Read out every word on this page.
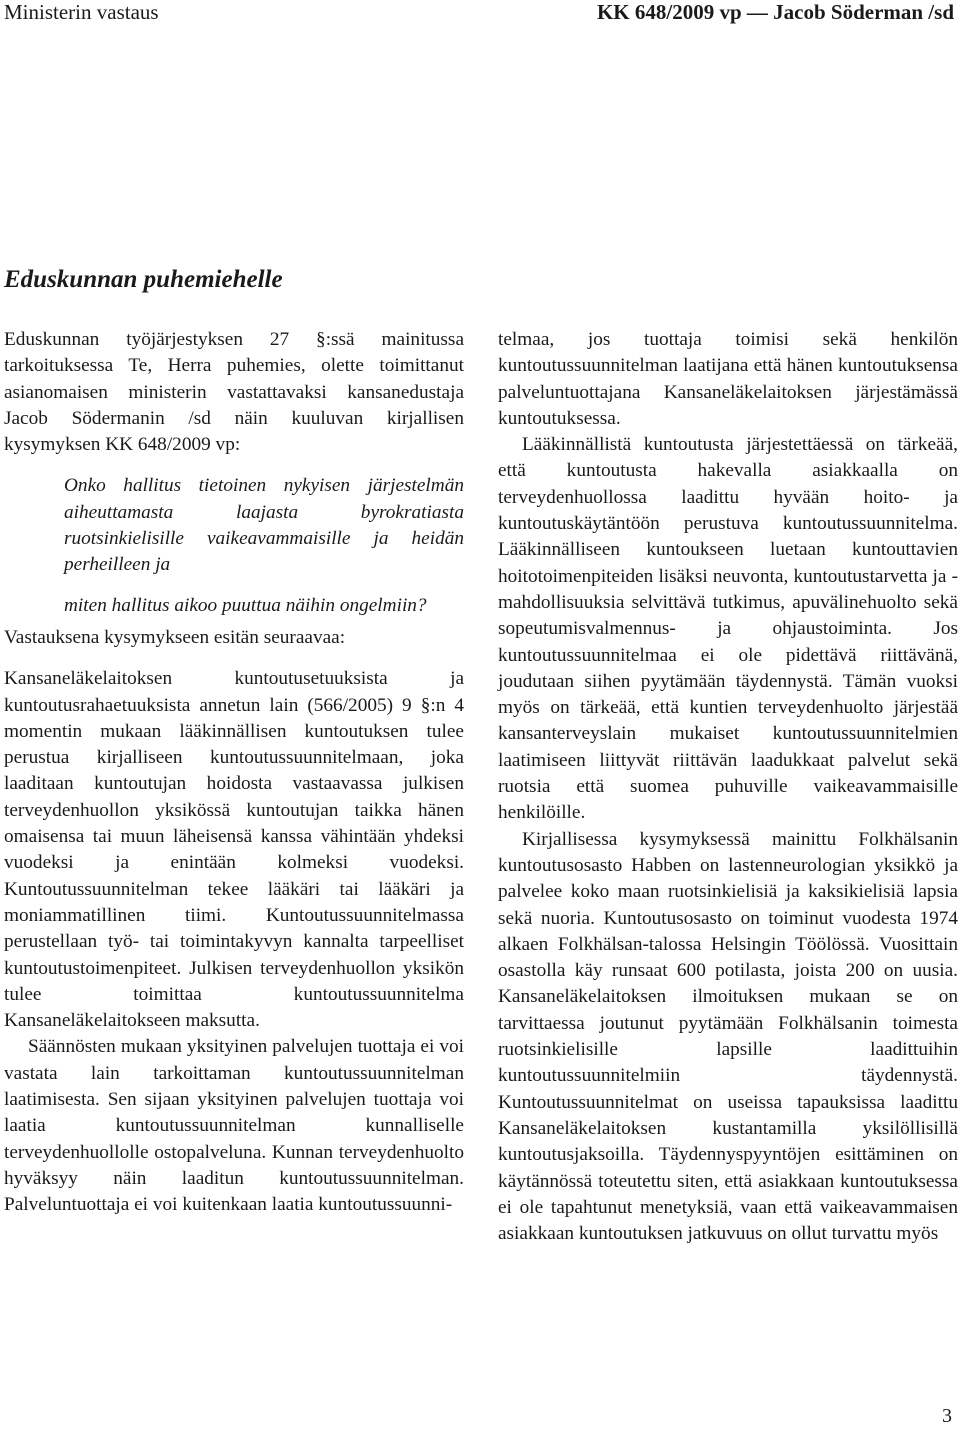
Ministerin vastaus	KK 648/2009 vp — Jacob Söderman /sd
Eduskunnan puhemiehelle

Eduskunnan työjärjestyksen 27 §:ssä mainitussa tarkoituksessa Te, Herra puhemies, olette toimittanut asianomaisen ministerin vastattavaksi kansanedustaja Jacob Södermanin /sd näin kuuluvan kirjallisen kysymyksen KK 648/2009 vp:

Onko hallitus tietoinen nykyisen järjestelmän aiheuttamasta laajasta byrokratiasta ruotsinkielisille vaikeavammaisille ja heidän perheilleen ja

miten hallitus aikoo puuttua näihin ongelmiin?

Vastauksena kysymykseen esitän seuraavaa:

Kansaneläkelaitoksen kuntoutusetuuksista ja kuntoutusrahaetuuksista annetun lain (566/2005) 9 §:n 4 momentin mukaan lääkinnällisen kuntoutuksen tulee perustua kirjalliseen kuntoutussuunnitelmaan, joka laaditaan kuntoutujan hoidosta vastaavassa julkisen terveydenhuollon yksikössä kuntoutujan taikka hänen omaisensa tai muun läheisensä kanssa vähintään yhdeksi vuodeksi ja enintään kolmeksi vuodeksi. Kuntoutussuunnitelman tekee lääkäri tai lääkäri ja moniammatillinen tiimi. Kuntoutussuunnitelmassa perustellaan työ- tai toimintakyvyn kannalta tarpeelliset kuntoutustoimenpiteet. Julkisen terveydenhuollon yksikön tulee toimittaa kuntoutussuunnitelma Kansaneläkelaitokseen maksutta.

Säännösten mukaan yksityinen palvelujen tuottaja ei voi vastata lain tarkoittaman kuntoutussuunnitelman laatimisesta. Sen sijaan yksityinen palvelujen tuottaja voi laatia kuntoutussuunnitelman kunnalliselle terveydenhuollolle ostopalveluna. Kunnan terveydenhuolto hyväksyy näin laaditun kuntoutussuunnitelman. Palveluntuottaja ei voi kuitenkaan laatia kuntoutussuunni-

telmaa, jos tuottaja toimisi sekä henkilön kuntoutussuunnitelman laatijana että hänen kuntoutuksensa palveluntuottajana Kansaneläkelaitoksen järjestämässä kuntoutuksessa.

Lääkinnällistä kuntoutusta järjestettäessä on tärkeää, että kuntoutusta hakevalla asiakkaalla on terveydenhuollossa laadittu hyvään hoito- ja kuntoutuskäytäntöön perustuva kuntoutussuunnitelma. Lääkinnälliseen kuntoukseen luetaan kuntouttavien hoitotoimenpiteiden lisäksi neuvonta, kuntoutustarvetta ja -mahdollisuuksia selvittävä tutkimus, apuvälinehuolto sekä sopeutumisvalmennus- ja ohjaustoiminta. Jos kuntoutussuunnitelmaa ei ole pidettävä riittävänä, joudutaan siihen pyytämään täydennystä. Tämän vuoksi myös on tärkeää, että kuntien terveydenhuolto järjestää kansanterveyslain mukaiset kuntoutussuunnitelmien laatimiseen liittyvät riittävän laadukkaat palvelut sekä ruotsia että suomea puhuville vaikeavammaisille henkilöille.

Kirjallisessa kysymyksessä mainittu Folkhälsanin kuntoutusosasto Habben on lastenneurologian yksikkö ja palvelee koko maan ruotsinkielisiä ja kaksikielisiä lapsia sekä nuoria. Kuntoutusosasto on toiminut vuodesta 1974 alkaen Folkhälsan-talossa Helsingin Töölössä. Vuosittain osastolla käy runsaat 600 potilasta, joista 200 on uusia. Kansaneläkelaitoksen ilmoituksen mukaan se on tarvittaessa joutunut pyytämään Folkhälsanin toimesta ruotsinkielisille lapsille laadittuihin kuntoutussuunnitelmiin täydennystä. Kuntoutussuunnitelmat on useissa tapauksissa laadittu Kansaneläkelaitoksen kustantamilla yksilöllisillä kuntoutusjaksoilla. Täydennyspyyntöjen esittäminen on käytännössä toteutettu siten, että asiakkaan kuntoutuksessa ei ole tapahtunut menetyksiä, vaan että vaikeavammaisen asiakkaan kuntoutuksen jatkuvuus on ollut turvattu myös

3
